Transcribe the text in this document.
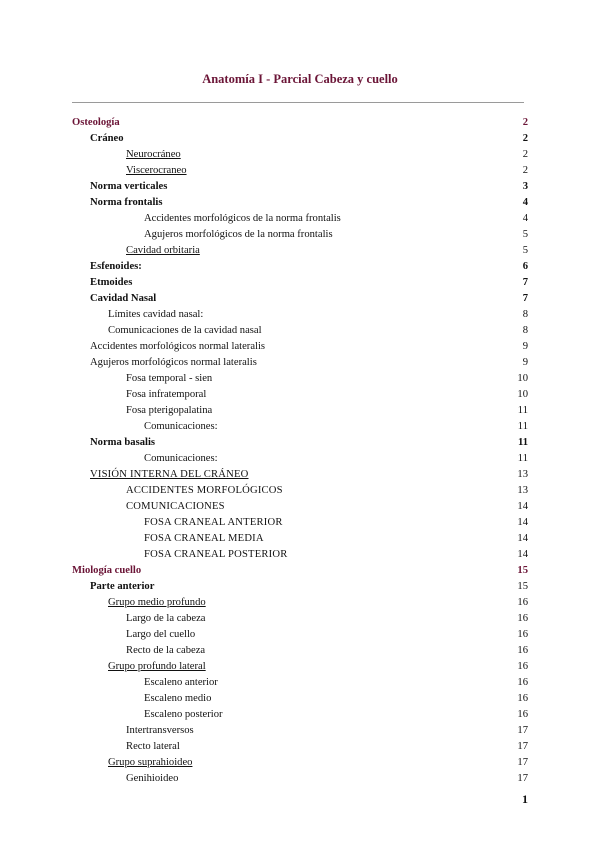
Anatomía I - Parcial Cabeza y cuello
Osteología	2
Cráneo	2
Neurocráneo	2
Viscerocraneo	2
Norma verticales	3
Norma frontalis	4
Accidentes morfológicos de la norma frontalis	4
Agujeros morfológicos de la norma frontalis	5
Cavidad orbitaria	5
Esfenoides:	6
Etmoides	7
Cavidad Nasal	7
Límites cavidad nasal:	8
Comunicaciones de la cavidad nasal	8
Accidentes morfológicos normal lateralis	9
Agujeros morfológicos normal lateralis	9
Fosa temporal - sien	10
Fosa infratemporal	10
Fosa pterigopalatina	11
Comunicaciones:	11
Norma basalis	11
Comunicaciones:	11
VISIÓN INTERNA DEL CRÁNEO	13
ACCIDENTES MORFOLÓGICOS	13
COMUNICACIONES	14
FOSA CRANEAL ANTERIOR	14
FOSA CRANEAL MEDIA	14
FOSA CRANEAL POSTERIOR	14
Miología cuello	15
Parte anterior	15
Grupo medio profundo	16
Largo de la cabeza	16
Largo del cuello	16
Recto de la cabeza	16
Grupo profundo lateral	16
Escaleno anterior	16
Escaleno medio	16
Escaleno posterior	16
Intertransversos	17
Recto lateral	17
Grupo suprahioideo	17
Genihioideo	17
1
